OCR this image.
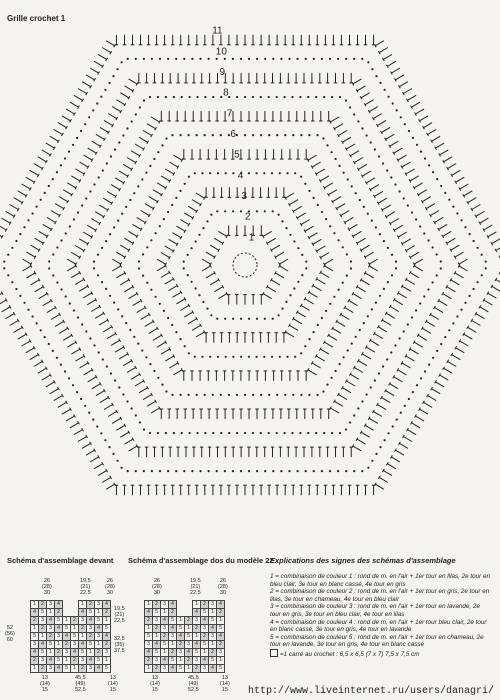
Grille crochet 1
1
2
3
4
5
6
7
8
9
10
11
Schéma d'assemblage devant Schéma d'assemblage dos du modèle 22
Explications des signes des schémas d'assemblage
26
(28)
30
19,5
(21)
22,5
26
(28)
30
52
(56)
60
19,5
(21)
22,5
32,5
(35)
37,5
13
(14)
15
45,5
(49)
52,5
13
(14)
15
1	2	3	4			1	2	3	4
4	5	1	2			4	5	1	2
2	3	4	5	1	2	3	4	5	1
1	2	3	4	5	1	2	3	4	5
5	1	2	3	4	5	1	2	3	4
3	4	5	1	2	3	4	5	1	2
4	5	1	2	3	4	5	1	2	3
2	3	4	5	1	2	3	4	5	1
1	2	3	4	5	1	2	3	4	5
26
(28)
30
19,5
(21)
22,5
26
(28)
30
13
(14)
15
45,5
(49)
52,5
13
(14)
15
1	2	3	4			1	2	3	4
4	5	1	2			4	5	1	2
2	3	4	5	1	2	3	4	5	1
1	2	3	4	5	1	2	3	4	5
5	1	2	3	4	5	1	2	3	4
3	4	5	1	2	3	4	5	1	2
4	5	1	2	3	4	5	1	2	3
2	3	4	5	1	2	3	4	5	1
1	2	3	4	5	1	2	3	4	5

1 = combinaison de couleur 1 : rond de m. en l'air + 1er tour en lilas, 2e tour en bleu clair, 3e tour en blanc cassé, 4e tour en gris

2 = combinaison de couleur 2 : rond de m. en l'air + 1er tour en gris, 2e tour en lilas, 3e tour en chameau, 4e tour en bleu clair

3 = combinaison de couleur 3 : rond de m. en l'air + 1er tour en lavande, 2e tour en gris, 3e tour en bleu clair, 4e tour en lilas

4 = combinaison de couleur 4 : rond de m. en l'air + 1er tour bleu clair, 2e tour en blanc cassé, 3e tour en gris, 4e tour en lavande

5 = combinaison de couleur 5 : rond de m. en l'air + 1er tour en chameau, 2e tour en lavande, 3e tour en gris, 4e tour en blanc cassé

=1 carré au crochet : 6,5 x 6,5 (7 x 7) 7,5 x 7,5 cm

http://www.liveinternet.ru/users/danagri/
